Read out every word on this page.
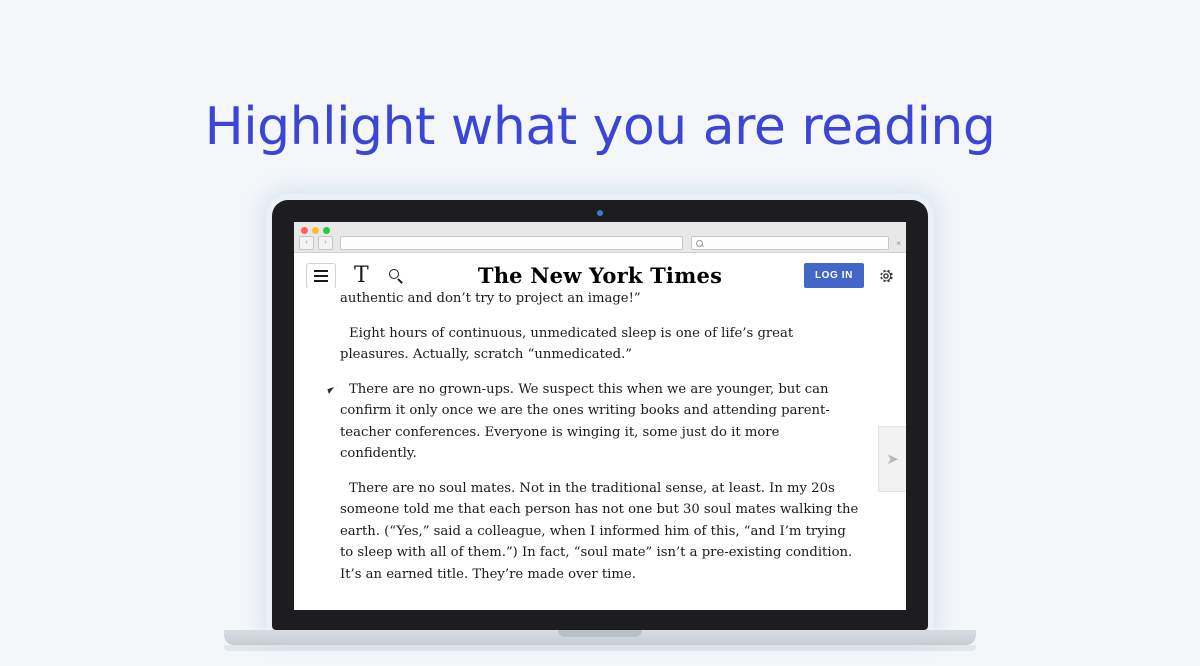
Highlight what you are reading
‹	›	×
T	The New York Times	LOG IN

authentic and don’t try to project an image!”

Eight hours of continuous, unmedicated sleep is one of life’s great pleasures. Actually, scratch “unmedicated.”

There are no grown-ups. We suspect this when we are younger, but can confirm it only once we are the ones writing books and attending parent-teacher conferences. Everyone is winging it, some just do it more confidently.

There are no soul mates. Not in the traditional sense, at least. In my 20s someone told me that each person has not one but 30 soul mates walking the earth. (“Yes,” said a colleague, when I informed him of this, “and I’m trying to sleep with all of them.”) In fact, “soul mate” isn’t a pre-existing condition. It’s an earned title. They’re made over time.

➤
